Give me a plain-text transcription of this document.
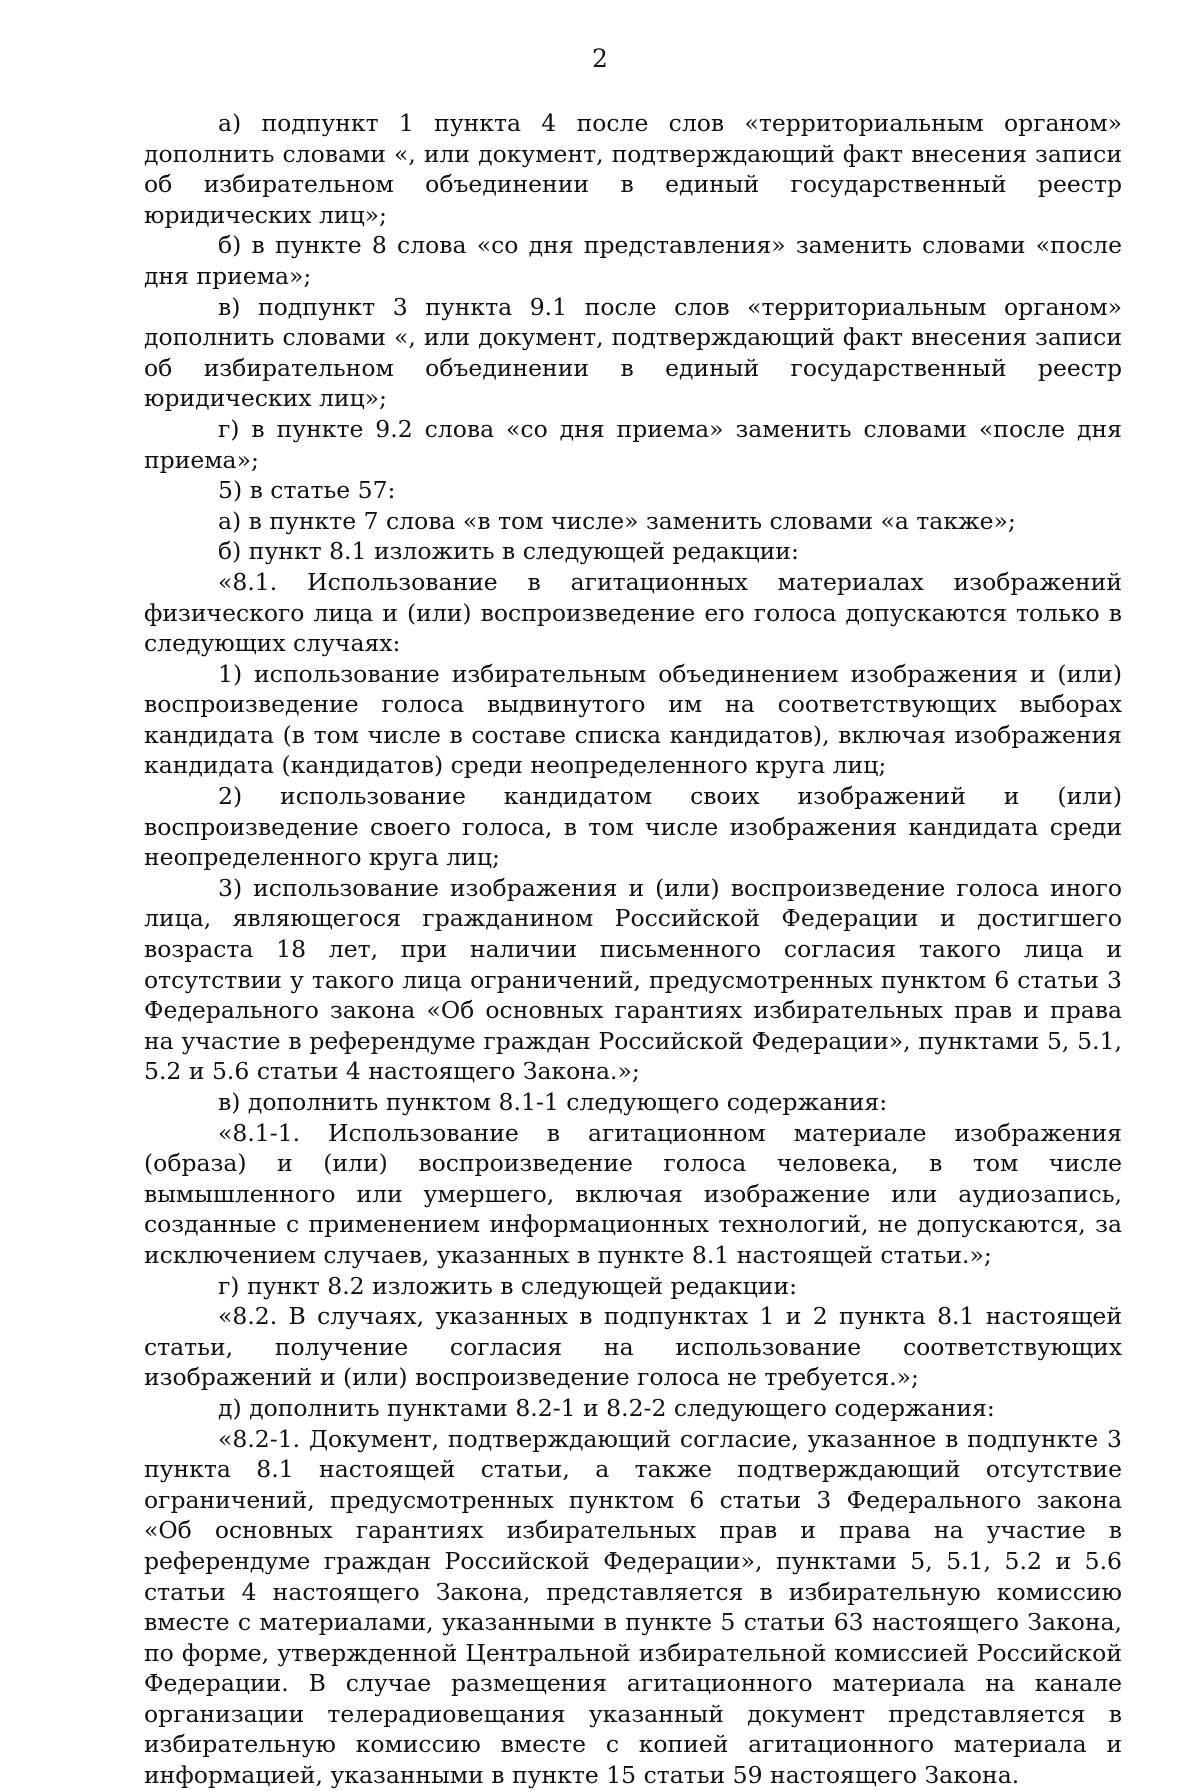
2

а) подпункт 1 пункта 4 после слов «территориальным органом» дополнить словами «, или документ, подтверждающий факт внесения записи об избирательном объединении в единый государственный реестр юридических лиц»;

б) в пункте 8 слова «со дня представления» заменить словами «после дня приема»;

в) подпункт 3 пункта 9.1 после слов «территориальным органом» дополнить словами «, или документ, подтверждающий факт внесения записи об избирательном объединении в единый государственный реестр юридических лиц»;

г) в пункте 9.2 слова «со дня приема» заменить словами «после дня приема»;

5) в статье 57:

а) в пункте 7 слова «в том числе» заменить словами «а также»;

б) пункт 8.1 изложить в следующей редакции:

«8.1. Использование в агитационных материалах изображений физического лица и (или) воспроизведение его голоса допускаются только в следующих случаях:

1) использование избирательным объединением изображения и (или) воспроизведение голоса выдвинутого им на соответствующих выборах кандидата (в том числе в составе списка кандидатов), включая изображения кандидата (кандидатов) среди неопределенного круга лиц;

2) использование кандидатом своих изображений и (или) воспроизведение своего голоса, в том числе изображения кандидата среди неопределенного круга лиц;

3) использование изображения и (или) воспроизведение голоса иного лица, являющегося гражданином Российской Федерации и достигшего возраста 18 лет, при наличии письменного согласия такого лица и отсутствии у такого лица ограничений, предусмотренных пунктом 6 статьи 3 Федерального закона «Об основных гарантиях избирательных прав и права на участие в референдуме граждан Российской Федерации», пунктами 5, 5.1, 5.2 и 5.6 статьи 4 настоящего Закона.»;

в) дополнить пунктом 8.1-1 следующего содержания:

«8.1-1. Использование в агитационном материале изображения (образа) и (или) воспроизведение голоса человека, в том числе вымышленного или умершего, включая изображение или аудиозапись, созданные с применением информационных технологий, не допускаются, за исключением случаев, указанных в пункте 8.1 настоящей статьи.»;

г) пункт 8.2 изложить в следующей редакции:

«8.2. В случаях, указанных в подпунктах 1 и 2 пункта 8.1 настоящей статьи, получение согласия на использование соответствующих изображений и (или) воспроизведение голоса не требуется.»;

д) дополнить пунктами 8.2-1 и 8.2-2 следующего содержания:

«8.2-1. Документ, подтверждающий согласие, указанное в подпункте 3 пункта 8.1 настоящей статьи, а также подтверждающий отсутствие ограничений, предусмотренных пунктом 6 статьи 3 Федерального закона «Об основных гарантиях избирательных прав и права на участие в референдуме граждан Российской Федерации», пунктами 5, 5.1, 5.2 и 5.6 статьи 4 настоящего Закона, представляется в избирательную комиссию вместе с материалами, указанными в пункте 5 статьи 63 настоящего Закона, по форме, утвержденной Центральной избирательной комиссией Российской Федерации. В случае размещения агитационного материала на канале организации телерадиовещания указанный документ представляется в избирательную комиссию вместе с копией агитационного материала и информацией, указанными в пункте 15 статьи 59 настоящего Закона.
